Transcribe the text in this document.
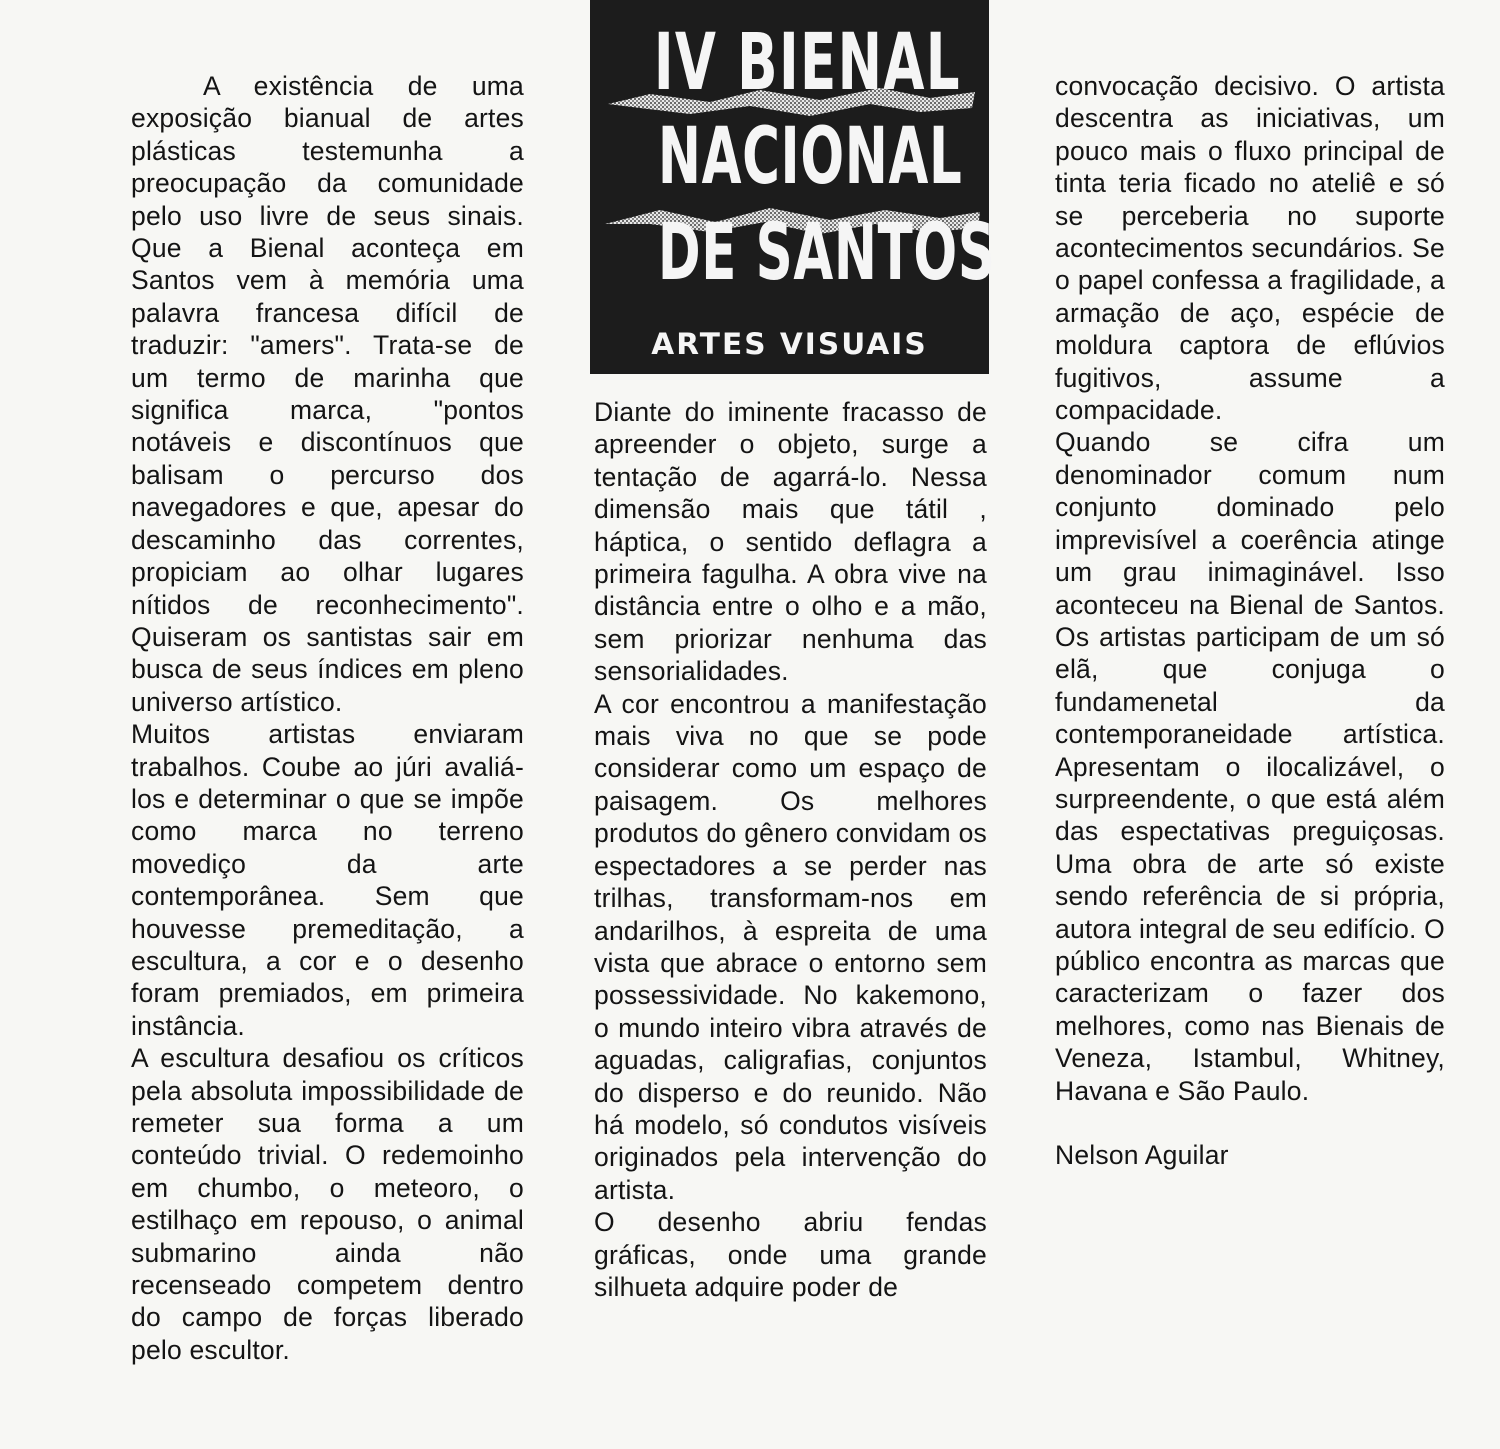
IV BIENAL
NACIONAL
DE SANTOS
ARTES VISUAIS

A existência de uma exposição bianual de artes plásticas testemunha a preocupação da comunidade pelo uso livre de seus sinais. Que a Bienal aconteça em Santos vem à memória uma palavra francesa difícil de traduzir: "amers". Trata-se de um termo de marinha que significa marca, "pontos notáveis e discontínuos que balisam o percurso dos navegadores e que, apesar do descaminho das correntes, propiciam ao olhar lugares nítidos de reconhecimento". Quiseram os santistas sair em busca de seus índices em pleno universo artístico.

Muitos artistas enviaram trabalhos. Coube ao júri avaliá-los e determinar o que se impõe como marca no terreno movediço da arte contemporânea. Sem que houvesse premeditação, a escultura, a cor e o desenho foram premiados, em primeira instância.

A escultura desafiou os críticos pela absoluta impossibilidade de remeter sua forma a um conteúdo trivial. O redemoinho em chumbo, o meteoro, o estilhaço em repouso, o animal submarino ainda não recenseado competem dentro do campo de forças liberado pelo escultor.

Diante do iminente fracasso de apreender o objeto, surge a tentação de agarrá-lo. Nessa dimensão mais que tátil , háptica, o sentido deflagra a primeira fagulha. A obra vive na distância entre o olho e a mão, sem priorizar nenhuma das sensorialidades.

A cor encontrou a manifestação mais viva no que se pode considerar como um espaço de paisagem. Os melhores produtos do gênero convidam os espectadores a se perder nas trilhas, transformam-nos em andarilhos, à espreita de uma vista que abrace o entorno sem possessividade. No kakemono, o mundo inteiro vibra através de aguadas, caligrafias, conjuntos do disperso e do reunido. Não há modelo, só condutos visíveis originados pela intervenção do artista.

O desenho abriu fendas gráficas, onde uma grande silhueta adquire poder de

convocação decisivo. O artista descentra as iniciativas, um pouco mais o fluxo principal de tinta teria ficado no ateliê e só se perceberia no suporte acontecimentos secundários. Se o papel confessa a fragilidade, a armação de aço, espécie de moldura captora de eflúvios fugitivos, assume a compacidade.

Quando se cifra um denominador comum num conjunto dominado pelo imprevisível a coerência atinge um grau inimaginável. Isso aconteceu na Bienal de Santos. Os artistas participam de um só elã, que conjuga o fundamenetal da contemporaneidade artística. Apresentam o ilocalizável, o surpreendente, o que está além das espectativas preguiçosas. Uma obra de arte só existe sendo referência de si própria, autora integral de seu edifício. O público encontra as marcas que caracterizam o fazer dos melhores, como nas Bienais de Veneza, Istambul, Whitney, Havana e São Paulo.

Nelson Aguilar
